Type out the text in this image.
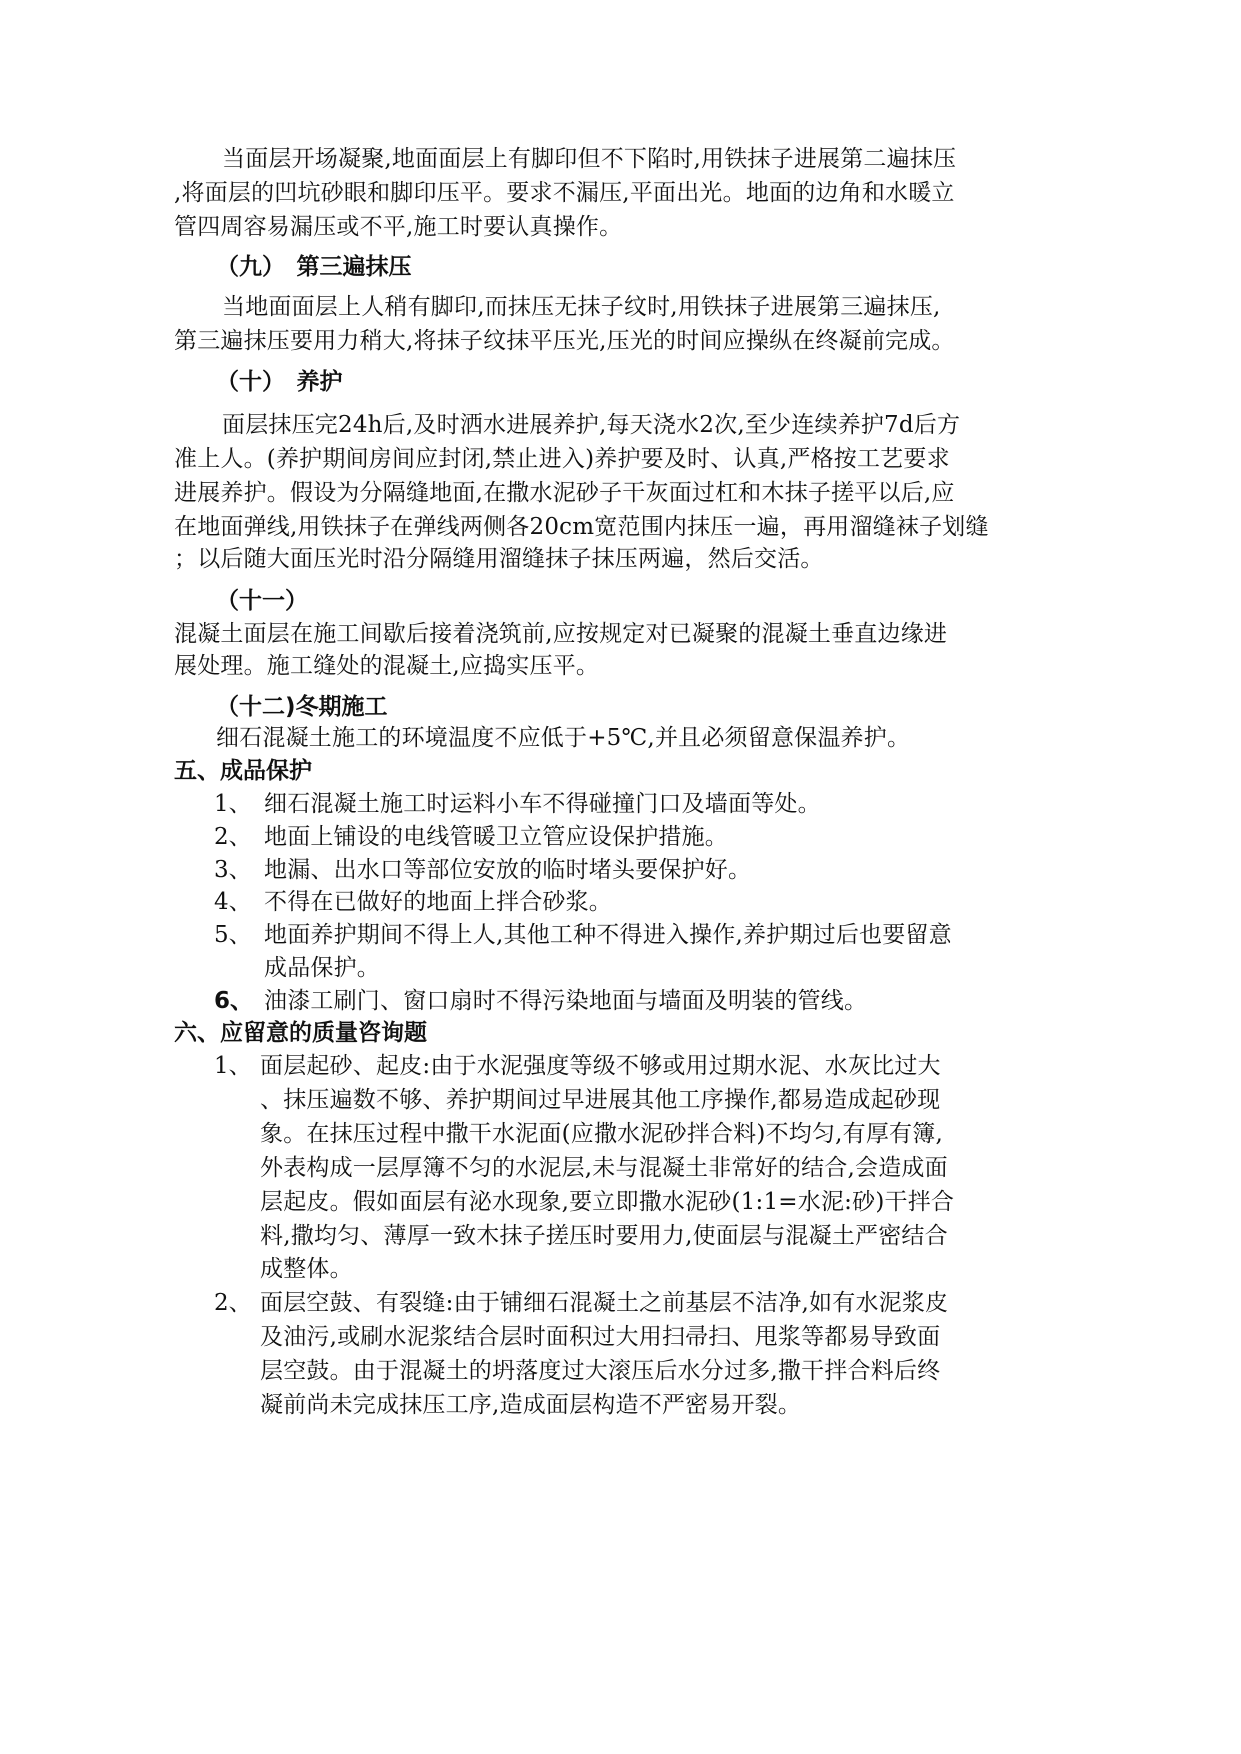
当面层开场凝聚,地面面层上有脚印但不下陷时,用铁抹子进展第二遍抹压
,将面层的凹坑砂眼和脚印压平。要求不漏压,平面出光。地面的边角和水暖立
管四周容易漏压或不平,施工时要认真操作。
（九）　第三遍抹压
当地面面层上人稍有脚印,而抹压无抹子纹时,用铁抹子进展第三遍抹压,
第三遍抹压要用力稍大,将抹子纹抹平压光,压光的时间应操纵在终凝前完成。
（十）　养护
面层抹压完24h后,及时洒水进展养护,每天浇水2次,至少连续养护7d后方
准上人。(养护期间房间应封闭,禁止进入)养护要及时、认真,严格按工艺要求
进展养护。假设为分隔缝地面,在撒水泥砂子干灰面过杠和木抹子搓平以后,应
在地面弹线,用铁抹子在弹线两侧各20cm宽范围内抹压一遍，再用溜缝袜子划缝
；以后随大面压光时沿分隔缝用溜缝抹子抹压两遍，然后交活。
（十一）
混凝土面层在施工间歇后接着浇筑前,应按规定对已凝聚的混凝土垂直边缘进
展处理。施工缝处的混凝土,应捣实压平。
（十二)冬期施工
细石混凝土施工的环境温度不应低于+5℃,并且必须留意保温养护。
五、成品保护
1、 细石混凝土施工时运料小车不得碰撞门口及墙面等处。
2、 地面上铺设的电线管暖卫立管应设保护措施。
3、 地漏、出水口等部位安放的临时堵头要保护好。
4、 不得在已做好的地面上拌合砂浆。
5、 地面养护期间不得上人,其他工种不得进入操作,养护期过后也要留意
成品保护。
6、 油漆工刷门、窗口扇时不得污染地面与墙面及明装的管线。
六、应留意的质量咨询题
1、 面层起砂、起皮:由于水泥强度等级不够或用过期水泥、水灰比过大
、抹压遍数不够、养护期间过早进展其他工序操作,都易造成起砂现
象。在抹压过程中撒干水泥面(应撒水泥砂拌合料)不均匀,有厚有簿,
外表构成一层厚簿不匀的水泥层,未与混凝土非常好的结合,会造成面
层起皮。假如面层有泌水现象,要立即撒水泥砂(1:1=水泥:砂)干拌合
料,撒均匀、薄厚一致木抹子搓压时要用力,使面层与混凝土严密结合
成整体。
2、 面层空鼓、有裂缝:由于铺细石混凝土之前基层不洁净,如有水泥浆皮
及油污,或刷水泥浆结合层时面积过大用扫帚扫、甩浆等都易导致面
层空鼓。由于混凝土的坍落度过大滚压后水分过多,撒干拌合料后终
凝前尚未完成抹压工序,造成面层构造不严密易开裂。
